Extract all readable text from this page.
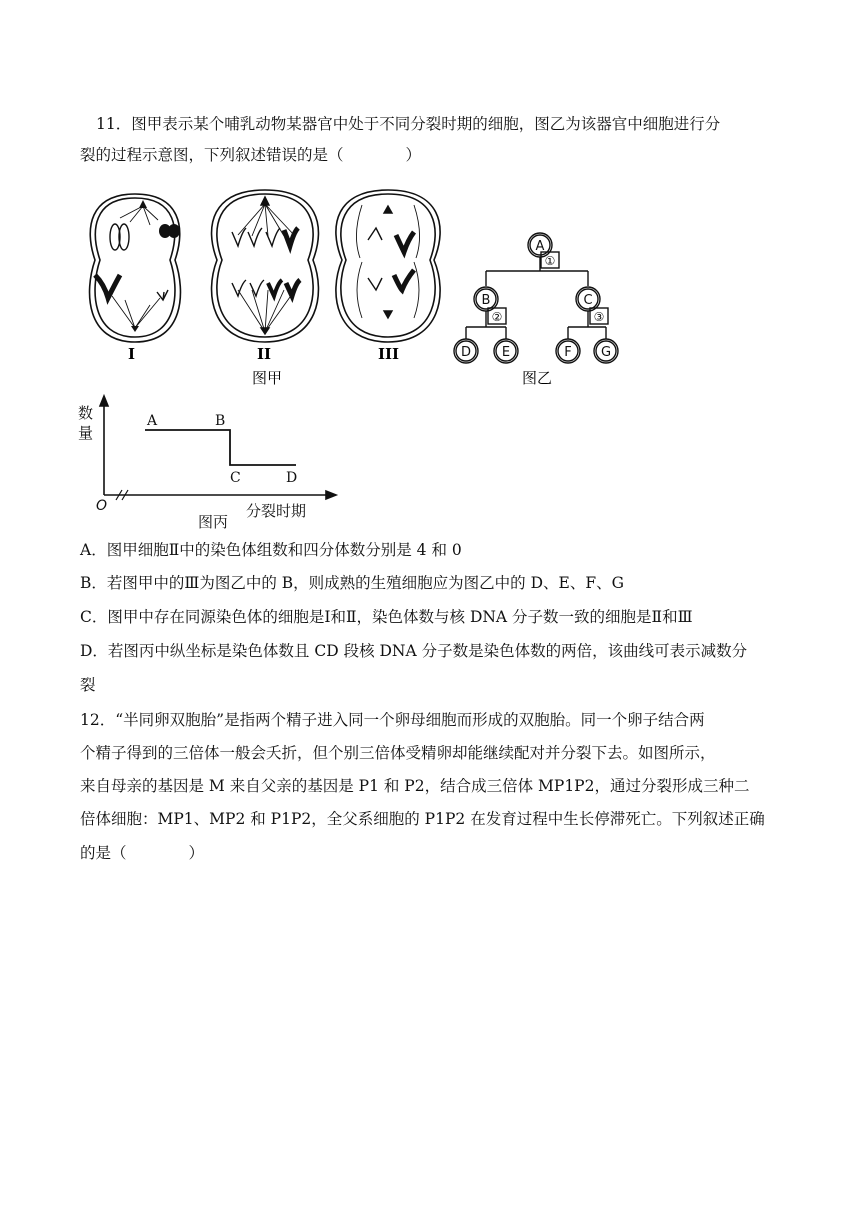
11．图甲表示某个哺乳动物某器官中处于不同分裂时期的细胞，图乙为该器官中细胞进行分
裂的过程示意图，下列叙述错误的是（　　　　）
I	II	III
图甲
A
B	C
D E	F G
①
②	③
图乙
数
量
O	分裂时期
图丙
A	B
C	D
A．图甲细胞Ⅱ中的染色体组数和四分体数分别是 4 和 0
B．若图甲中的Ⅲ为图乙中的 B，则成熟的生殖细胞应为图乙中的 D、E、F、G
C．图甲中存在同源染色体的细胞是Ⅰ和Ⅱ，染色体数与核 DNA 分子数一致的细胞是Ⅱ和Ⅲ
D．若图丙中纵坐标是染色体数且 CD 段核 DNA 分子数是染色体数的两倍，该曲线可表示减数分
裂
12．“半同卵双胞胎”是指两个精子进入同一个卵母细胞而形成的双胞胎。同一个卵子结合两
个精子得到的三倍体一般会夭折，但个别三倍体受精卵却能继续配对并分裂下去。如图所示，
来自母亲的基因是 M 来自父亲的基因是 P1 和 P2，结合成三倍体 MP1P2，通过分裂形成三种二
倍体细胞：MP1、MP2 和 P1P2，全父系细胞的 P1P2 在发育过程中生长停滞死亡。下列叙述正确
的是（　　　　）
